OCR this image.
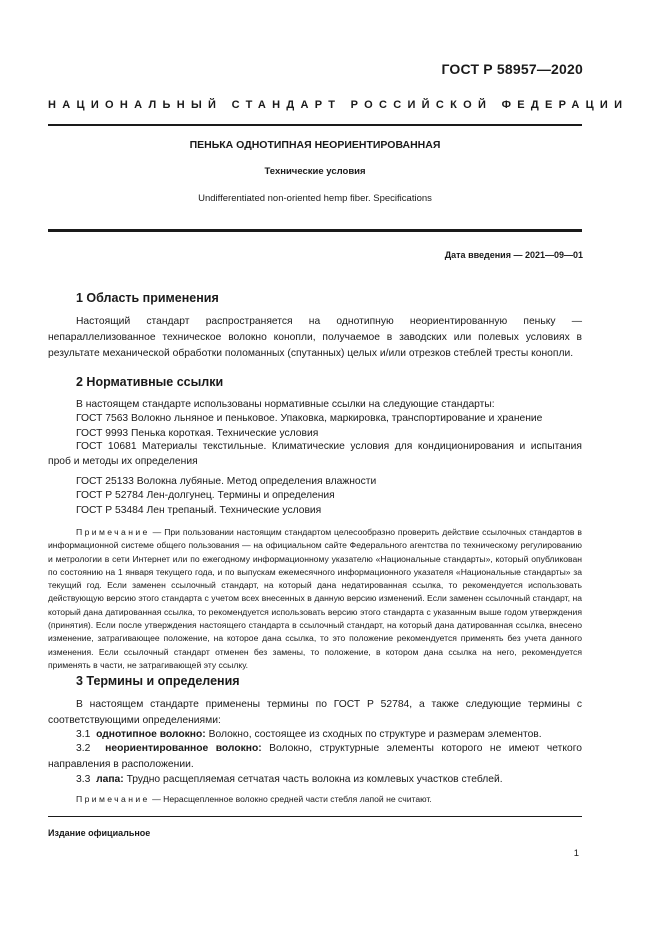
ГОСТ Р 58957—2020
НАЦИОНАЛЬНЫЙ СТАНДАРТ РОССИЙСКОЙ ФЕДЕРАЦИИ
ПЕНЬКА ОДНОТИПНАЯ НЕОРИЕНТИРОВАННАЯ
Технические условия
Undifferentiated non-oriented hemp fiber. Specifications
Дата введения — 2021—09—01
1 Область применения

Настоящий стандарт распространяется на однотипную неориентированную пеньку — непараллелизованное техническое волокно конопли, получаемое в заводских или полевых условиях в результате механической обработки поломанных (спутанных) целых и/или отрезков стеблей тресты конопли.

2 Нормативные ссылки
В настоящем стандарте использованы нормативные ссылки на следующие стандарты:
ГОСТ 7563 Волокно льняное и пеньковое. Упаковка, маркировка, транспортирование и хранение
ГОСТ 9993 Пенька короткая. Технические условия

ГОСТ 10681 Материалы текстильные. Климатические условия для кондиционирования и испытания проб и методы их определения

ГОСТ 25133 Волокна лубяные. Метод определения влажности
ГОСТ Р 52784 Лен-долгунец. Термины и определения
ГОСТ Р 53484 Лен трепаный. Технические условия

Примечание — При пользовании настоящим стандартом целесообразно проверить действие ссылочных стандартов в информационной системе общего пользования — на официальном сайте Федерального агентства по техническому регулированию и метрологии в сети Интернет или по ежегодному информационному указателю «Национальные стандарты», который опубликован по состоянию на 1 января текущего года, и по выпускам ежемесячного информационного указателя «Национальные стандарты» за текущий год. Если заменен ссылочный стандарт, на который дана недатированная ссылка, то рекомендуется использовать действующую версию этого стандарта с учетом всех внесенных в данную версию изменений. Если заменен ссылочный стандарт, на который дана датированная ссылка, то рекомендуется использовать версию этого стандарта с указанным выше годом утверждения (принятия). Если после утверждения настоящего стандарта в ссылочный стандарт, на который дана датированная ссылка, внесено изменение, затрагивающее положение, на которое дана ссылка, то это положение рекомендуется применять без учета данного изменения. Если ссылочный стандарт отменен без замены, то положение, в котором дана ссылка на него, рекомендуется применять в части, не затрагивающей эту ссылку.

3 Термины и определения

В настоящем стандарте применены термины по ГОСТ Р 52784, а также следующие термины с соответствующими определениями:

3.1 однотипное волокно: Волокно, состоящее из сходных по структуре и размерам элементов.

3.2 неориентированное волокно: Волокно, структурные элементы которого не имеют четкого направления в расположении.

3.3 лапа: Трудно расщепляемая сетчатая часть волокна из комлевых участков стеблей.

Примечание — Нерасщепленное волокно средней части стебля лапой не считают.

Издание официальное
1
